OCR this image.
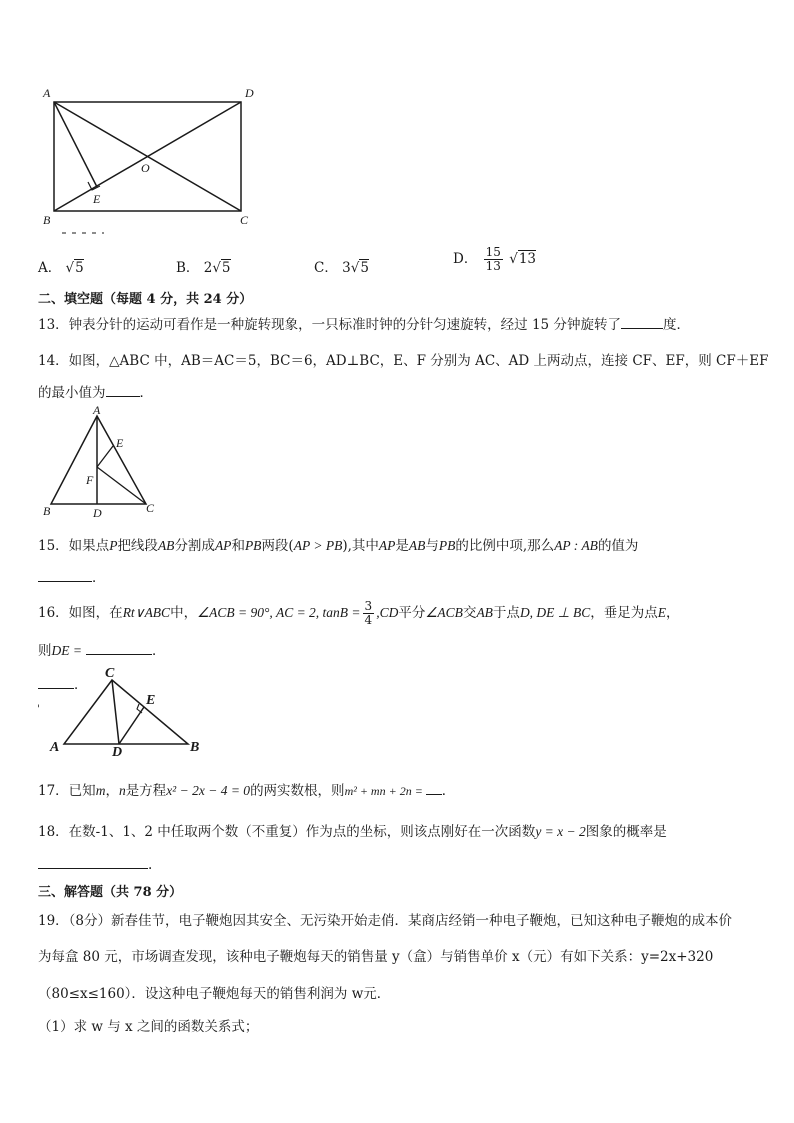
A	D
O
E
B	C
A． √5	B． 2√5	C． 3√5
D． $\frac{15}{13} √13$
二、填空题（每题 4 分，共 24 分）
13．钟表分针的运动可看作是一种旋转现象，一只标准时钟的分针匀速旋转，经过 15 分钟旋转了	度．
14．如图，△ABC 中，AB＝AC＝5，BC＝6，AD⊥BC，E、F 分别为 AC、AD 上两动点，连接 CF、EF，则 CF＋EF
的最小值为	．
A
E
F
B	D	C
15．如果点P把线段AB分割成AP和PB两段(AP > PB),其中AP是AB与PB的比例中项,那么AP : AB的值为
．
16．如图，在Rt∨ABC中，∠ACB = 90°, AC = 2, $\tan B = \frac{3}{4} ,CD$平分∠ACB交AB于点D, DE ⊥ BC，垂足为点E，
则DE =	．
．
'
C
E
A	D	B
17．已知m，n是方程x² − 2x − 4 = 0的两实数根，则m² + mn + 2n = ．
18．在数-1、1、2 中任取两个数（不重复）作为点的坐标，则该点刚好在一次函数y = x − 2图象的概率是
.
三、解答题（共 78 分）
19．（8分）新春佳节，电子鞭炮因其安全、无污染开始走俏．某商店经销一种电子鞭炮，已知这种电子鞭炮的成本价
为每盒 80 元，市场调查发现，该种电子鞭炮每天的销售量 y（盒）与销售单价 x（元）有如下关系：y=2x+320
（80≤x≤160）．设这种电子鞭炮每天的销售利润为 w元．
（1）求 w 与 x 之间的函数关系式；
